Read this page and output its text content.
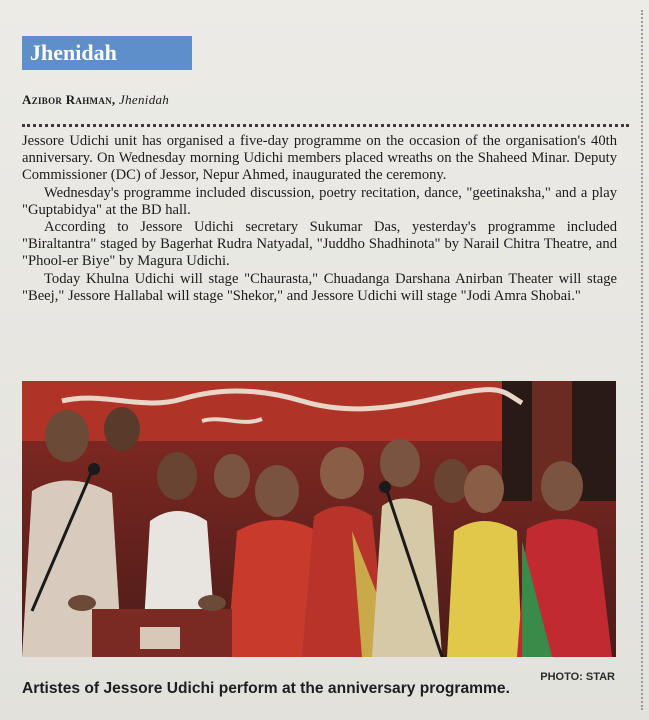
Jhenidah
Azibor Rahman, Jhenidah

Jessore Udichi unit has organised a five-day programme on the occasion of the organisation's 40th anniversary. On Wednesday morning Udichi members placed wreaths on the Shaheed Minar. Deputy Commissioner (DC) of Jessor, Nepur Ahmed, inaugurated the ceremony.

Wednesday's programme included discussion, poetry recitation, dance, "geetinaksha," and a play "Guptabidya" at the BD hall.

According to Jessore Udichi secretary Sukumar Das, yesterday's programme included "Biraltantra" staged by Bagerhat Rudra Natyadal, "Juddho Shadhinota" by Narail Chitra Theatre, and "Phool-er Biye" by Magura Udichi.

Today Khulna Udichi will stage "Chaurasta," Chuadanga Darshana Anirban Theater will stage "Beej," Jessore Hallabal will stage "Shekor," and Jessore Udichi will stage "Jodi Amra Shobai."

PHOTO: STAR
Artistes of Jessore Udichi perform at the anniversary programme.
